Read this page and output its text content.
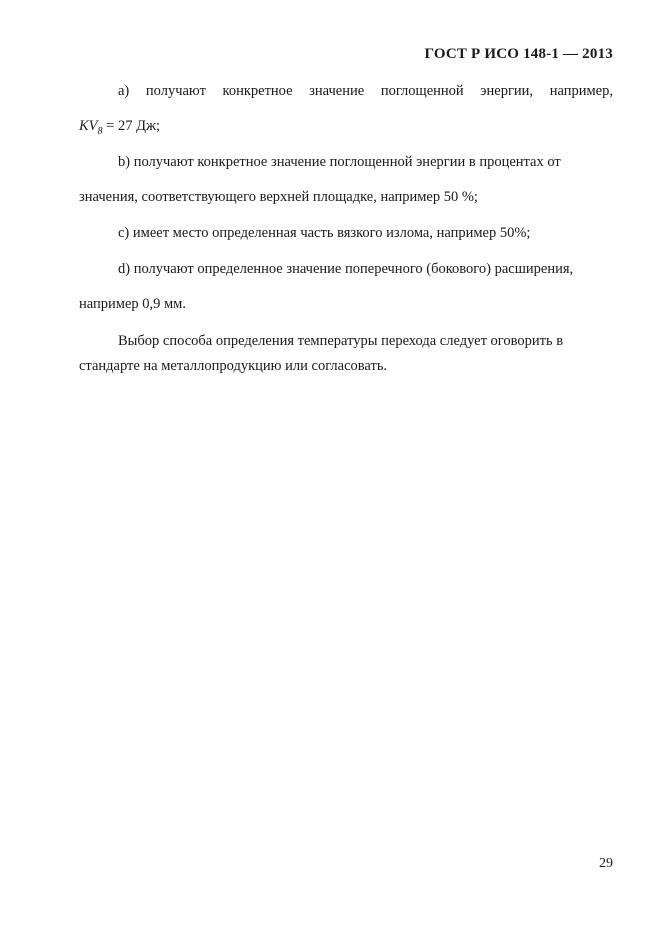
ГОСТ Р ИСО 148-1 — 2013
a) получают конкретное значение поглощенной энергии, например,
$KV_8 = 27$ Дж;
b) получают конкретное значение поглощенной энергии в процентах от
значения, соответствующего верхней площадке, например 50 %;
c) имеет место определенная часть вязкого излома, например 50%;
d) получают определенное значение поперечного (бокового) расширения,
например 0,9 мм.
Выбор способа определения температуры перехода следует оговорить в
стандарте на металлопродукцию или согласовать.
29
